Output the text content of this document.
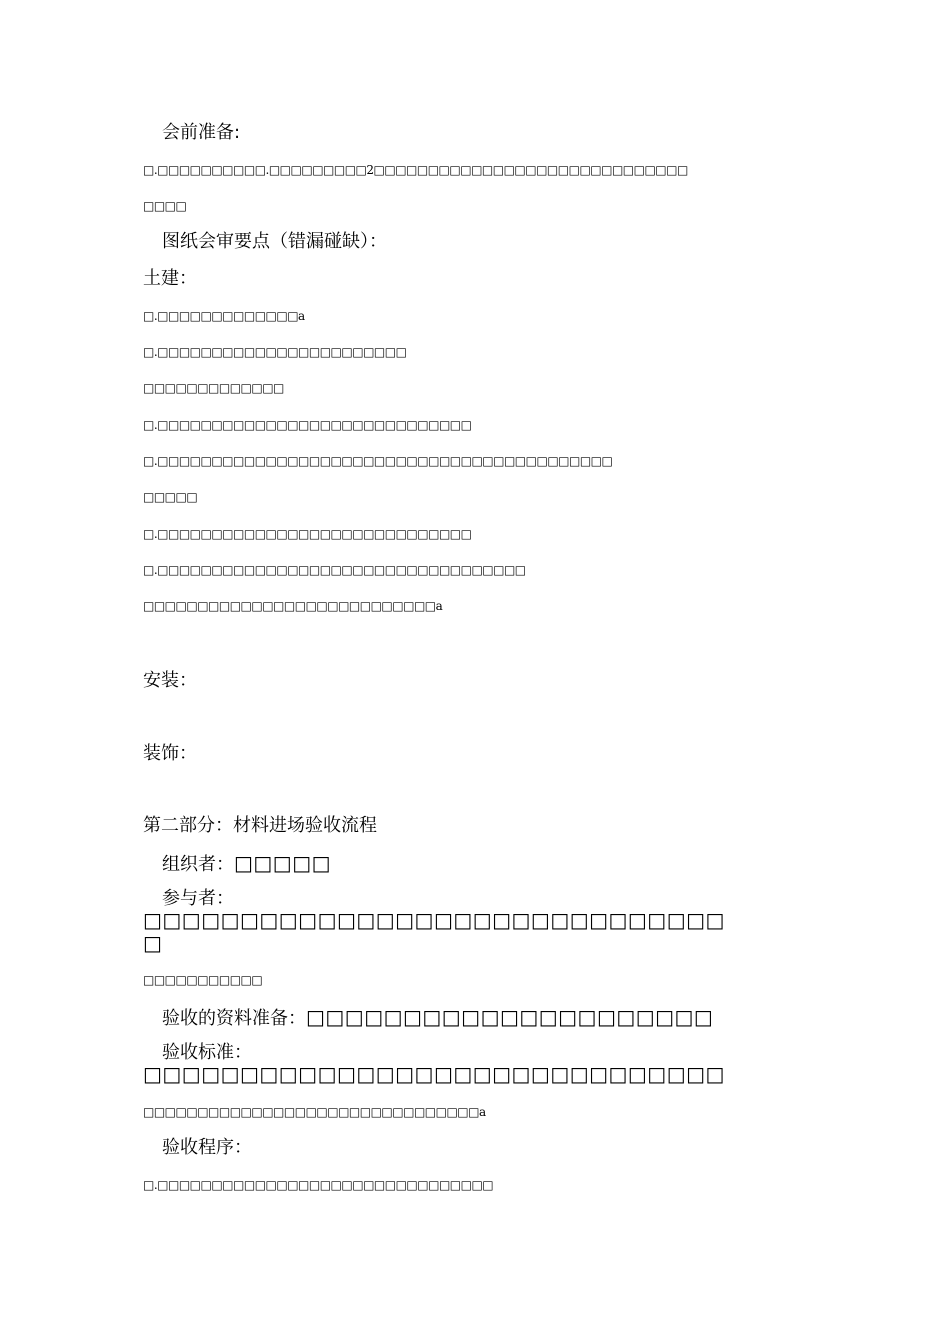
会前准备:
□.□□□□□□□□□□.□□□□□□□□□2□□□□□□□□□□□□□□□□□□□□□□□□□□□□□
□□□□
图纸会审要点（错漏碰缺）：
土建：
□.□□□□□□□□□□□□□a
□.□□□□□□□□□□□□□□□□□□□□□□□
□□□□□□□□□□□□□
□.□□□□□□□□□□□□□□□□□□□□□□□□□□□□□
□.□□□□□□□□□□□□□□□□□□□□□□□□□□□□□□□□□□□□□□□□□□
□□□□□
□.□□□□□□□□□□□□□□□□□□□□□□□□□□□□□
□.□□□□□□□□□□□□□□□□□□□□□□□□□□□□□□□□□□
□□□□□□□□□□□□□□□□□□□□□□□□□□□a
安装：
装饰：
第二部分：材料进场验收流程
组织者：□□□□□
参与者：
□□□□□□□□□□□□□□□□□□□□□□□□□□□□□□
□
□□□□□□□□□□□
验收的资料准备：□□□□□□□□□□□□□□□□□□□□□
验收标准：
□□□□□□□□□□□□□□□□□□□□□□□□□□□□□□
□□□□□□□□□□□□□□□□□□□□□□□□□□□□□□□a
验收程序：
□.□□□□□□□□□□□□□□□□□□□□□□□□□□□□□□□
